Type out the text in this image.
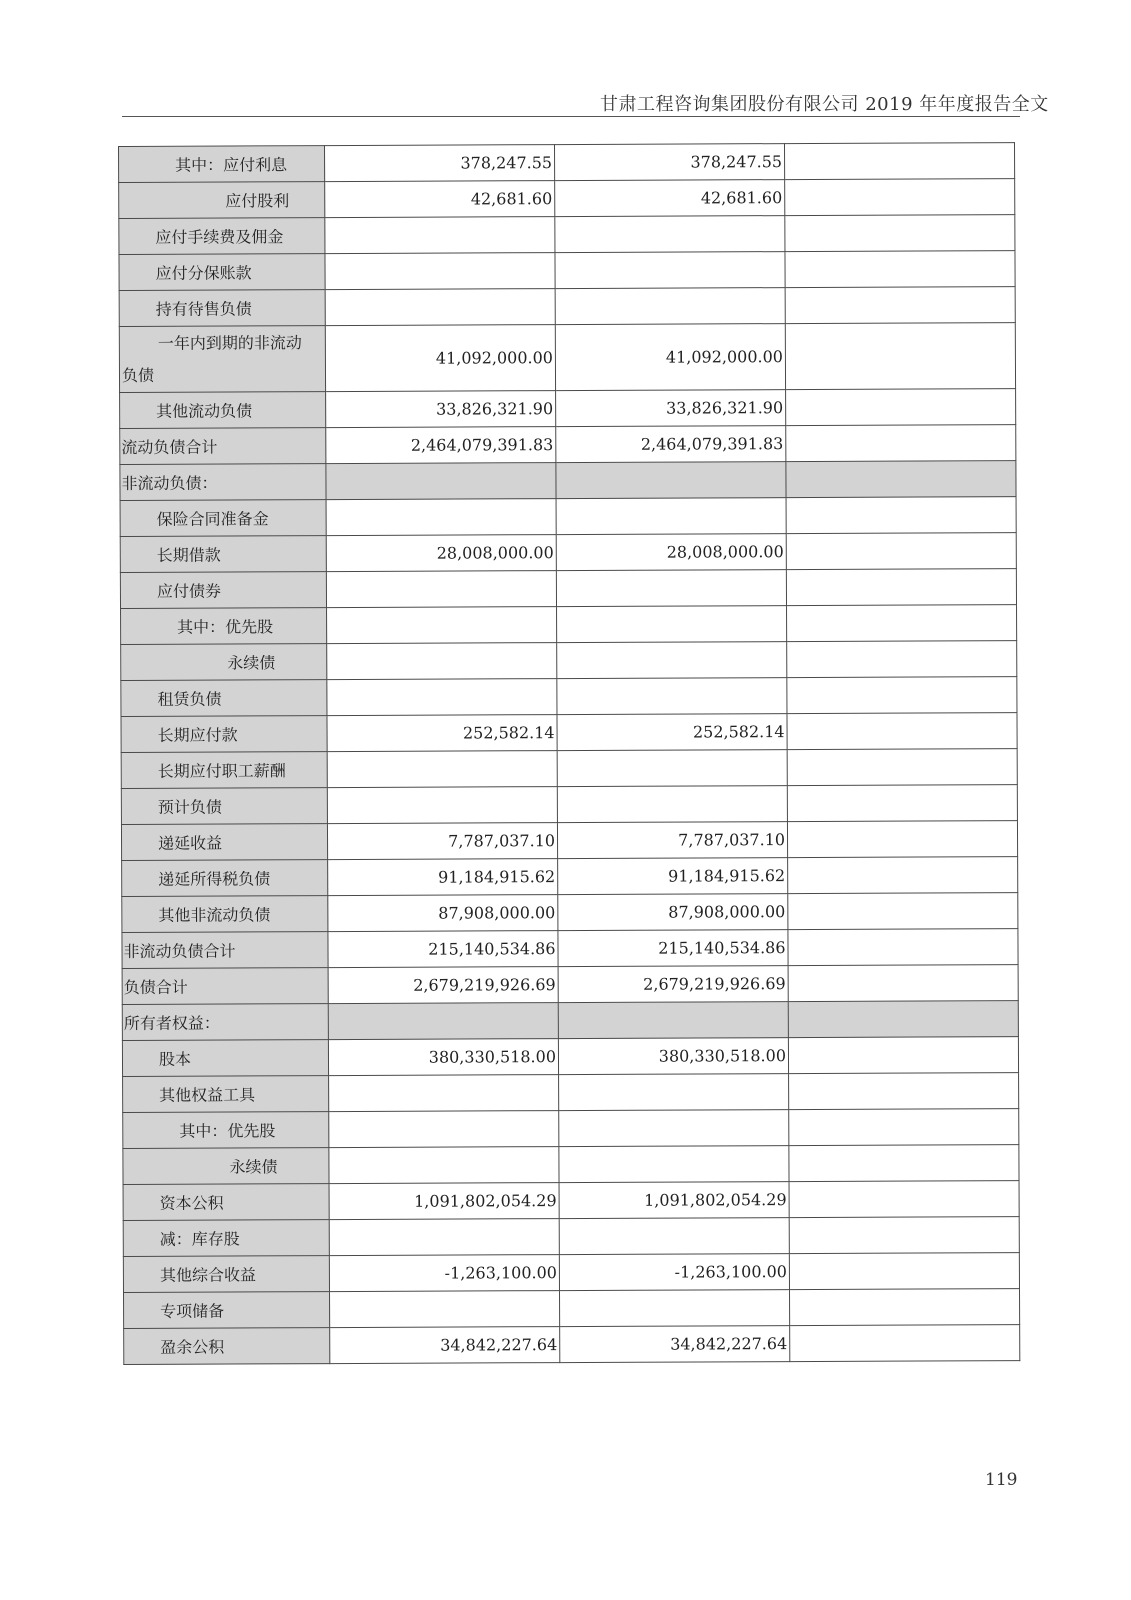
甘肃工程咨询集团股份有限公司 2019 年年度报告全文
其中：应付利息	378,247.55	378,247.55	
应付股利	42,681.60	42,681.60	
应付手续费及佣金			
应付分保账款			
持有待售负债			

一年内到期的非流动
负债	41,092,000.00	41,092,000.00	
其他流动负债	33,826,321.90	33,826,321.90	
流动负债合计	2,464,079,391.83	2,464,079,391.83	
非流动负债：			
保险合同准备金			
长期借款	28,008,000.00	28,008,000.00	
应付债券			
其中：优先股			
永续债			
租赁负债			
长期应付款	252,582.14	252,582.14	
长期应付职工薪酬			
预计负债			
递延收益	7,787,037.10	7,787,037.10	
递延所得税负债	91,184,915.62	91,184,915.62	
其他非流动负债	87,908,000.00	87,908,000.00	
非流动负债合计	215,140,534.86	215,140,534.86	
负债合计	2,679,219,926.69	2,679,219,926.69	
所有者权益：			
股本	380,330,518.00	380,330,518.00	
其他权益工具			
其中：优先股			
永续债			
资本公积	1,091,802,054.29	1,091,802,054.29	
减：库存股			
其他综合收益	-1,263,100.00	-1,263,100.00	
专项储备			
盈余公积	34,842,227.64	34,842,227.64	
119
